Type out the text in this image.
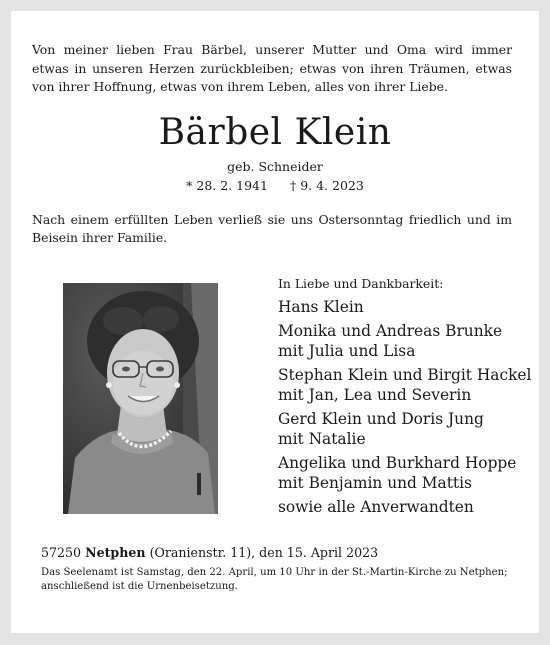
Von meiner lieben Frau Bärbel, unserer Mutter und Oma wird immer
etwas in unseren Herzen zurückbleiben; etwas von ihren Träumen, etwas
von ihrer Hoffnung, etwas von ihrem Leben, alles von ihrer Liebe.

Bärbel Klein
geb. Schneider
* 28. 2. 1941 † 9. 4. 2023

Nach einem erfüllten Leben verließ sie uns Ostersonntag friedlich und im
Beisein ihrer Familie.

In Liebe und Dankbarkeit:
Hans Klein
Monika und Andreas Brunke
mit Julia und Lisa
Stephan Klein und Birgit Hackel
mit Jan, Lea und Severin
Gerd Klein und Doris Jung
mit Natalie
Angelika und Burkhard Hoppe
mit Benjamin und Mattis
sowie alle Anverwandten
57250 Netphen (Oranienstr. 11), den 15. April 2023
Das Seelenamt ist Samstag, den 22. April, um 10 Uhr in der St.-Martin-Kirche zu Netphen;
anschließend ist die Urnenbeisetzung.
